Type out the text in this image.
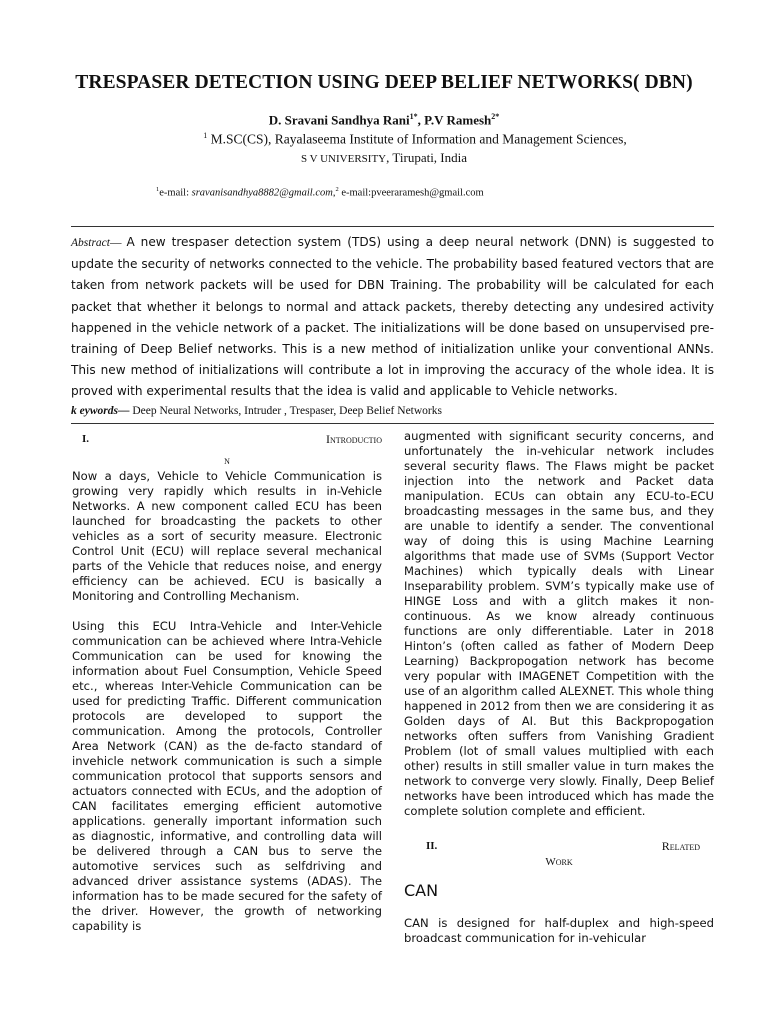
TRESPASER DETECTION USING DEEP BELIEF NETWORKS( DBN)
D. Sravani Sandhya Rani$^{1*}$, P.V Ramesh$^{2*}$
$^1$ M.SC(CS), Rayalaseema Institute of Information and Management Sciences,
S V UNIVERSITY, Tirupati, India
$^1$e-mail: sravanisandhya8882@gmail.com,$^2$ e-mail:pveeraramesh@gmail.com
Abstract— A new trespaser detection system (TDS) using a deep neural network (DNN) is suggested to update the security of networks connected to the vehicle. The probability based featured vectors that are taken from network packets will be used for DBN Training. The probability will be calculated for each packet that whether it belongs to normal and attack packets, thereby detecting any undesired activity happened in the vehicle network of a packet. The initializations will be done based on unsupervised pre-training of Deep Belief networks. This is a new method of initialization unlike your conventional ANNs. This new method of initializations will contribute a lot in improving the accuracy of the whole idea. It is proved with experimental results that the idea is valid and applicable to Vehicle networks.
k eywords— Deep Neural Networks, Intruder , Trespaser, Deep Belief Networks
I.	Introductio
n

Now a days, Vehicle to Vehicle Communication is growing very rapidly which results in in-Vehicle Networks. A new component called ECU has been launched for broadcasting the packets to other vehicles as a sort of security measure. Electronic Control Unit (ECU) will replace several mechanical parts of the Vehicle that reduces noise, and energy efficiency can be achieved. ECU is basically a Monitoring and Controlling Mechanism.

Using this ECU Intra-Vehicle and Inter-Vehicle communication can be achieved where Intra-Vehicle Communication can be used for knowing the information about Fuel Consumption, Vehicle Speed etc., whereas Inter-Vehicle Communication can be used for predicting Traffic. Different communication protocols are developed to support the communication. Among the protocols, Controller Area Network (CAN) as the de-facto standard of invehicle network communication is such a simple communication protocol that supports sensors and actuators connected with ECUs, and the adoption of CAN facilitates emerging efficient automotive applications. generally important information such as diagnostic, informative, and controlling data will be delivered through a CAN bus to serve the automotive services such as selfdriving and advanced driver assistance systems (ADAS). The information has to be made secured for the safety of the driver. However, the growth of networking capability is

augmented with significant security concerns, and unfortunately the in-vehicular network includes several security flaws. The Flaws might be packet injection into the network and Packet data manipulation. ECUs can obtain any ECU-to-ECU broadcasting messages in the same bus, and they are unable to identify a sender. The conventional way of doing this is using Machine Learning algorithms that made use of SVMs (Support Vector Machines) which typically deals with Linear Inseparability problem. SVM’s typically make use of HINGE Loss and with a glitch makes it non-continuous. As we know already continuous functions are only differentiable. Later in 2018 Hinton’s (often called as father of Modern Deep Learning) Backpropogation network has become very popular with IMAGENET Competition with the use of an algorithm called ALEXNET. This whole thing happened in 2012 from then we are considering it as Golden days of AI. But this Backpropogation networks often suffers from Vanishing Gradient Problem (lot of small values multiplied with each other) results in still smaller value in turn makes the network to converge very slowly. Finally, Deep Belief networks have been introduced which has made the complete solution complete and efficient.

II.	Related
Work

CAN

CAN is designed for half-duplex and high-speed broadcast communication for in-vehicular
